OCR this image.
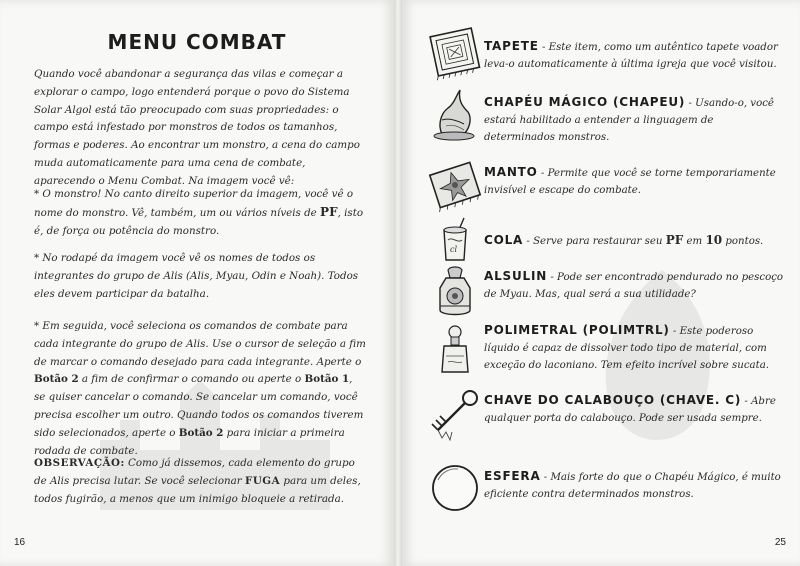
MENU COMBAT
Quando você abandonar a segurança das vilas e começar a explorar o campo, logo entenderá porque o povo do Sistema Solar Algol está tão preocupado com suas propriedades: o campo está infestado por monstros de todos os tamanhos, formas e poderes. Ao encontrar um monstro, a cena do campo muda automaticamente para uma cena de combate, aparecendo o Menu Combat. Na imagem você vê:
* O monstro! No canto direito superior da imagem, você vê o nome do monstro. Vê, também, um ou vários níveis de PF, isto é, de força ou potência do monstro.
* No rodapé da imagem você vê os nomes de todos os integrantes do grupo de Alis (Alis, Myau, Odin e Noah). Todos eles devem participar da batalha.
* Em seguida, você seleciona os comandos de combate para cada integrante do grupo de Alis. Use o cursor de seleção a fim de marcar o comando desejado para cada integrante. Aperte o Botão 2 a fim de confirmar o comando ou aperte o Botão 1, se quiser cancelar o comando. Se cancelar um comando, você precisa escolher um outro. Quando todos os comandos tiverem sido selecionados, aperte o Botão 2 para iniciar a primeira rodada de combate.
OBSERVAÇÃO: Como já dissemos, cada elemento do grupo de Alis precisa lutar. Se você selecionar FUGA para um deles, todos fugirão, a menos que um inimigo bloqueie a retirada.
16
TAPETE - Este item, como um autêntico tapete voador leva-o automaticamente à última igreja que você visitou.
CHAPÉU MÁGICO (CHAPEU) - Usando-o, você estará habilitado a entender a linguagem de determinados monstros.
MANTO - Permite que você se torne temporariamente invisível e escape do combate.
cl
COLA - Serve para restaurar seu PF em 10 pontos.
ALSULIN - Pode ser encontrado pendurado no pescoço de Myau. Mas, qual será a sua utilidade?
POLIMETRAL (POLIMTRL) - Este poderoso líquido é capaz de dissolver todo tipo de material, com exceção do laconiano. Tem efeito incrível sobre sucata.
CHAVE DO CALABOUÇO (CHAVE. C) - Abre qualquer porta do calabouço. Pode ser usada sempre.
ESFERA - Mais forte do que o Chapéu Mágico, é muito eficiente contra determinados monstros.
25
